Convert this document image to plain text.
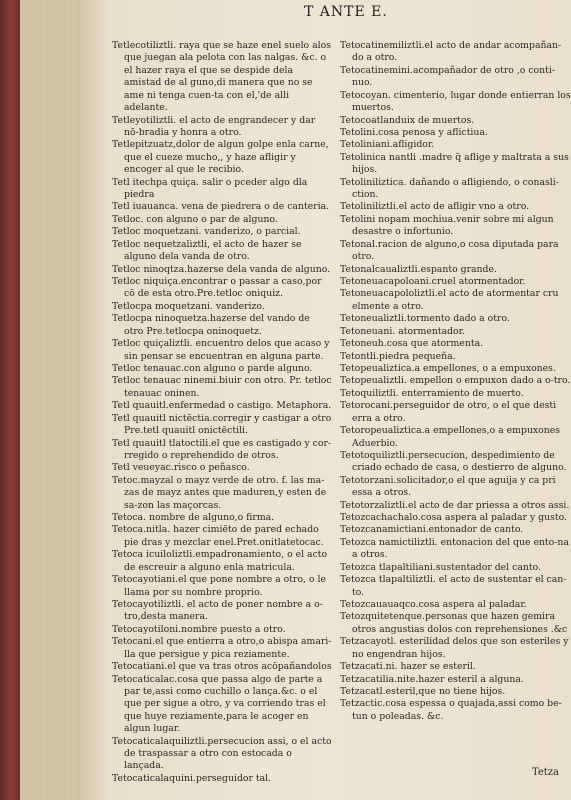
T ANTE E.

Tetlecotiliztli. raya que se haze enel suelo alos que juegan ala pelota con las nalgas. &c. o el hazer raya el que se despide dela amistad de al guno,di manera que no se ame ni tenga cuen-ta con el,'de alli adelante.

Tetleyotiliztli. el acto de engrandecer y dar nō-bradia y honra a otro.

Tetlepitzuatz,dolor de algun golpe enla carne, que el cueze mucho,, y haze afligir y encoger al que le recibio.

Tetl itechpa quiça. salir o pceder algo dla piedra

Tetl iuauanca. vena de piedrera o de canteria.

Tetloc. con alguno o par de alguno.

Tetloc moquetzani. vanderizo, o parcial.

Tetloc nequetzaliztli, el acto de hazer se alguno dela vanda de otro.

Tetloc ninoqtza.hazerse dela vanda de alguno.

Tetloc niquiça.encontrar o passar a caso,por cō de esta otro.Pre.tetloc oniquiz.

Tetlocpa moquetzani. vanderizo.

Tetlocpa ninoquetza.hazerse del vando de otro Pre.tetlocpa oninoquetz.

Tetloc quiçaliztli. encuentro delos que acaso y sin pensar se encuentran en alguna parte.

Tetloc tenauac.con alguno o parde alguno.

Tetloc tenauac ninemi.biuir con otro. Pr. tetloc tenauac oninen.

Tetl quauitl.enfermedad o castigo. Metaphora.

Tetl quauitl nictēctia.corregir y castigar a otro Pre.tetl quauitl onictēctili.

Tetl quauitl tlatoctili.el que es castigado y cor-rregido o reprehendido de otros.

Tetl veueyac.risco o peñasco.

Tetoc.mayzal o mayz verde de otro. f. las ma-zas de mayz antes que maduren,y esten de sa-zon las maçorcas.

Tetoca. nombre de alguno,o firma.

Tetoca.nitla. hazer cimiēto de pared echado pie dras y mezclar enel.Pret.onitlatetocac.

Tetoca icuiloliztli.empadronamiento, o el acto de escreuir a alguno enla matricula.

Tetocayotiani.el que pone nombre a otro, o le llama por su nombre proprio.

Tetocayotiliztli. el acto de poner nombre a o-tro,desta manera.

Tetocayotiloni.nombre puesto a otro.

Tetocani.el que entierra a otro,o abispa amari-lla que persigue y pica reziamente.

Tetocatiani.el que va tras otros acōpañandolos

Tetocaticalac.cosa que passa algo de parte a par te,assi como cuchillo o lança.&c. o el que per sigue a otro, y va corriendo tras el que huye reziamente,para le acoger en algun lugar.

Tetocaticalaquiliztli.persecucion assi, o el acto de traspassar a otro con estocada o lançada.

Tetocaticalaquini.perseguidor tal.

Tetocatinemiliztli.el acto de andar acompañan-do a otro.

Tetocatinemini.acompañador de otro ,o conti-nuo.

Tetocoyan. cimenterio, lugar donde entierran los muertos.

Tetocoatlanduix de muertos.

Tetolini.cosa penosa y aflictiua.

Tetoliniani.afligidor.

Tetolinica nantli .madre q̄ aflige y maltrata a sus hijos.

Tetoliniliztica. dañando o afligiendo, o conasli-ction.

Tetoliniliztli.el acto de afligir vno a otro.

Tetolini nopam mochiua.venir sobre mi algun desastre o infortunio.

Tetonal.racion de alguno,o cosa diputada para otro.

Tetonalcaualiztli.espanto grande.

Tetoneuacapoloani.cruel atormentador.

Tetoneuacapololiztli.el acto de atormentar cru elmente a otro.

Tetoneualiztli.tormento dado a otro.

Tetoneuani. atormentador.

Tetoneuh.cosa que atormenta.

Tetontli.piedra pequeña.

Tetopeualiztica.a empellones, o a empuxones.

Tetopeualiztli. empellon o empuxon dado a o-tro.

Tetoquiliztli. enterramiento de muerto.

Tetorocani.perseguidor de otro, o el que desti erra a otro.

Tetoropeualiztica.a empellones,o a empuxones Aduerbio.

Tetotoquiliztli.persecucion, despedimiento de criado echado de casa, o destierro de alguno.

Tetotorzani.solicitador,o el que aguija y ca pri essa a otros.

Tetotorzaliztli.el acto de dar priessa a otros assi.

Tetozcachachalo.cosa aspera al paladar y gusto.

Tetozcanamictiani.entonador de canto.

Tetozca namictiliztli. entonacion del que ento-na a otros.

Tetozca tlapaltiliani.sustentador del canto.

Tetozca tlapaltiliztli. el acto de sustentar el can-to.

Tetozcauauaqco.cosa aspera al paladar.

Tetozquitetenque.personas que hazen gemira otros angustias dolos con reprehensiones .&c

Tetzacayotl. esterilidad delos que son esteriles y no engendran hijos.

Tetzacati.ni. hazer se esteril.

Tetzacatilia.nite.hazer esteril a alguna.

Tetzacatl.esteril,que no tiene hijos.

Tetzactic.cosa espessa o quajada,assi como be-tun o poleadas. &c.

Tetza
